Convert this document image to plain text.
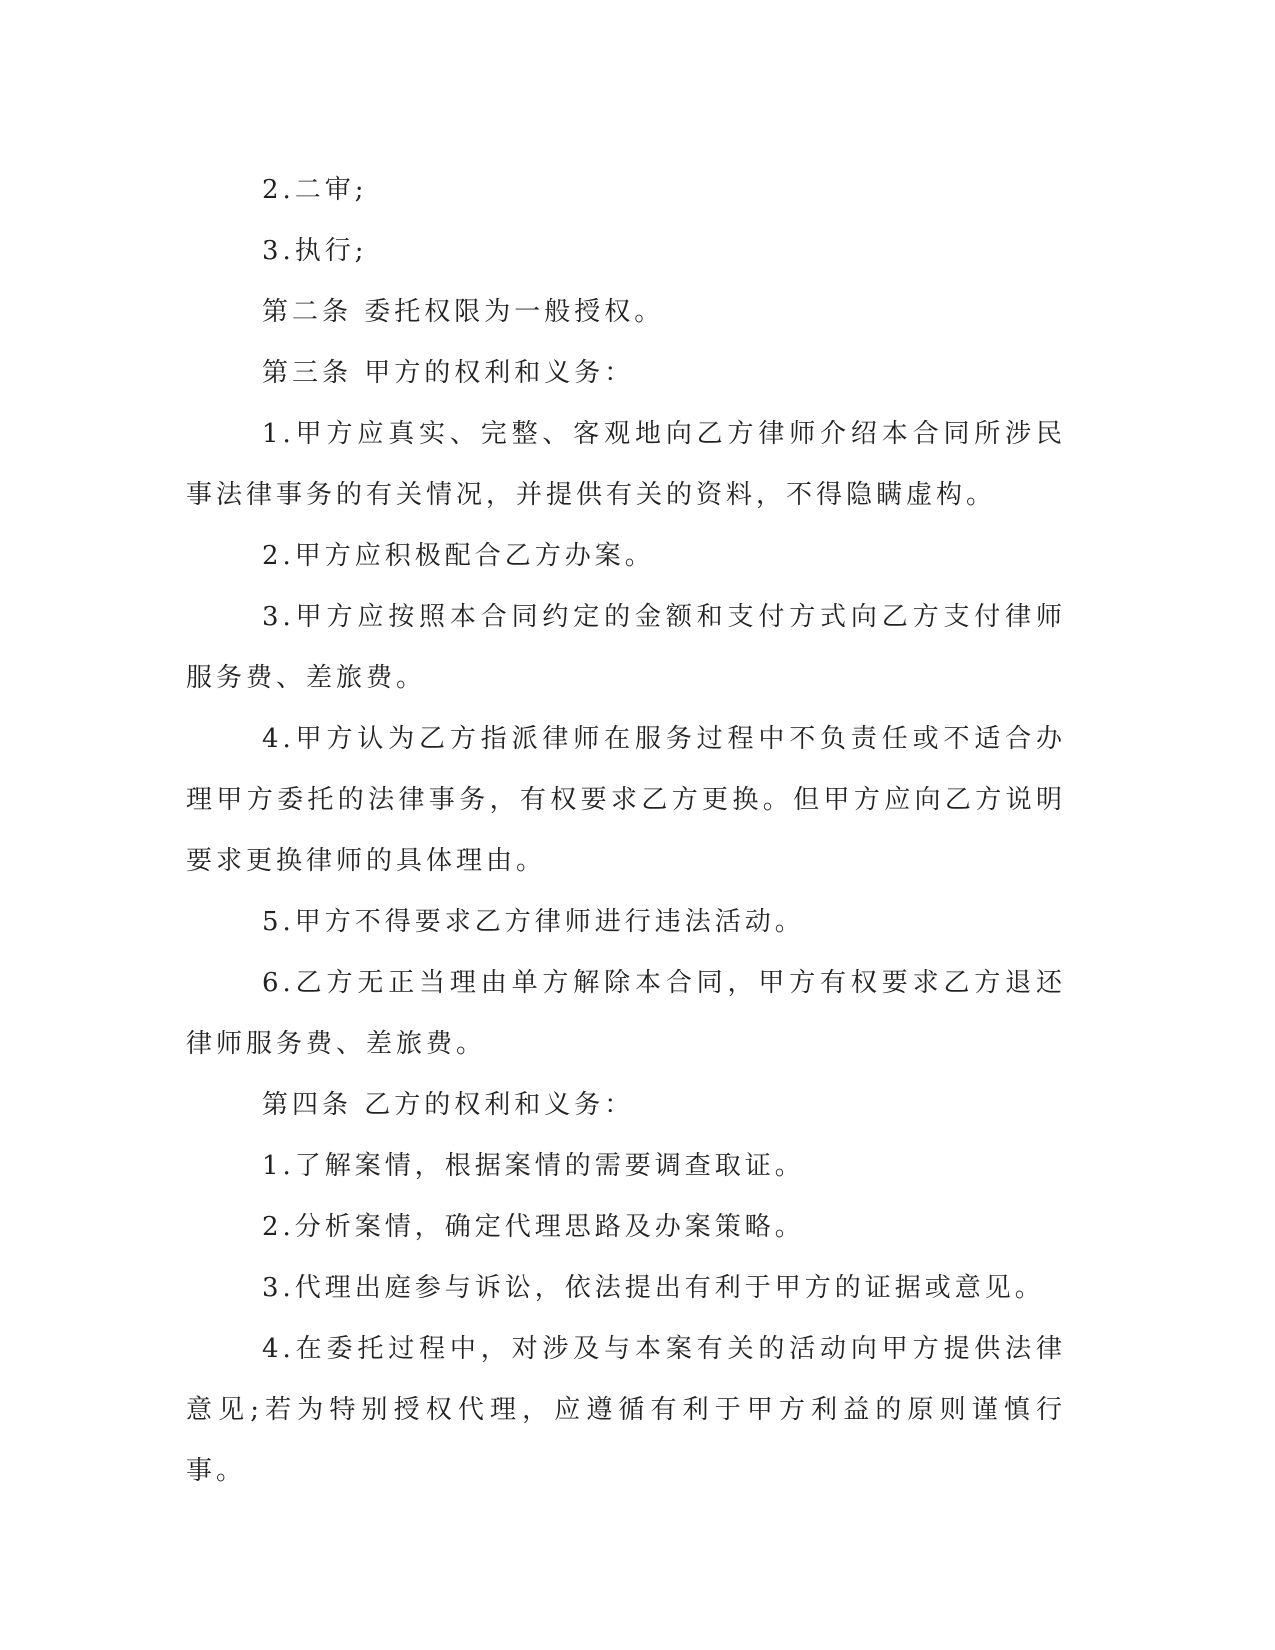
2.二审;

3.执行;

第二条 委托权限为一般授权。

第三条 甲方的权利和义务：

1.甲方应真实、完整、客观地向乙方律师介绍本合同所涉民事法律事务的有关情况，并提供有关的资料，不得隐瞒虚构。

2.甲方应积极配合乙方办案。

3.甲方应按照本合同约定的金额和支付方式向乙方支付律师服务费、差旅费。

4.甲方认为乙方指派律师在服务过程中不负责任或不适合办理甲方委托的法律事务，有权要求乙方更换。但甲方应向乙方说明要求更换律师的具体理由。

5.甲方不得要求乙方律师进行违法活动。

6.乙方无正当理由单方解除本合同，甲方有权要求乙方退还律师服务费、差旅费。

第四条 乙方的权利和义务：

1.了解案情，根据案情的需要调查取证。

2.分析案情，确定代理思路及办案策略。

3.代理出庭参与诉讼，依法提出有利于甲方的证据或意见。

4.在委托过程中，对涉及与本案有关的活动向甲方提供法律意见;若为特别授权代理，应遵循有利于甲方利益的原则谨慎行事。
